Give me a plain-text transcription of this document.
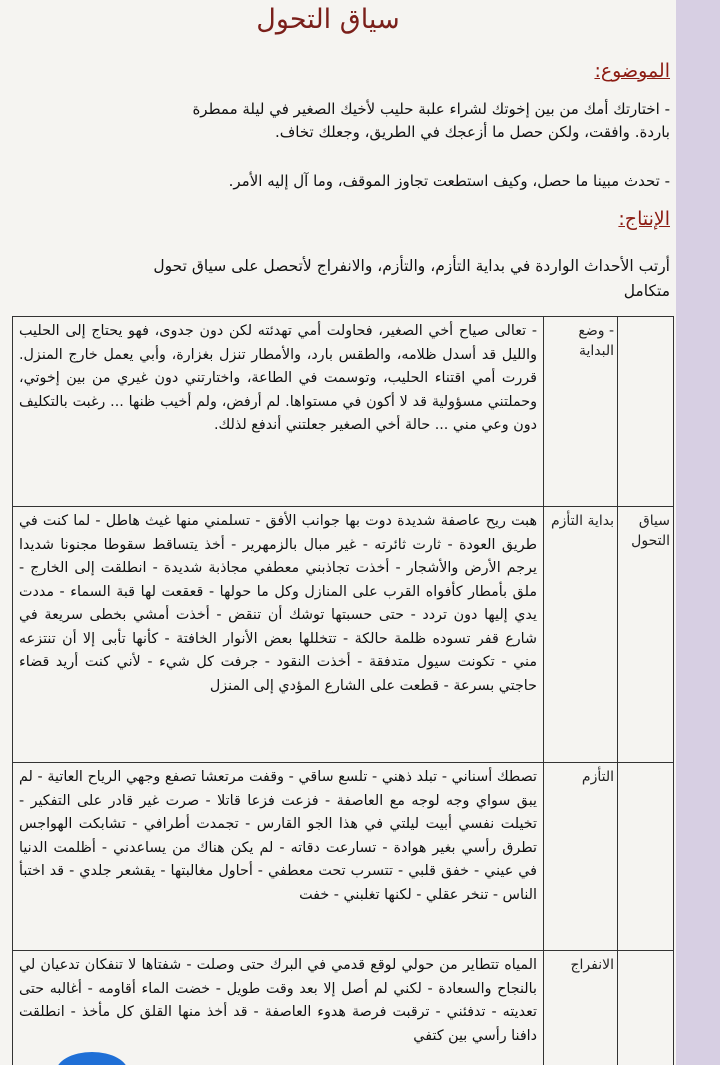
سياق التحول
الموضوع:
- اختارتك أمك من بين إخوتك لشراء علبة حليب لأخيك الصغير في ليلة ممطرة
باردة. وافقت، ولكن حصل ما أزعجك في الطريق، وجعلك تخاف.
- تحدث مبينا ما حصل، وكيف استطعت تجاوز الموقف، وما آل إليه الأمر.
الإنتاج:
أرتب الأحداث الواردة في بداية التأزم، والتأزم، والانفراج لأتحصل على سياق تحول
متكامل

	- وضع البداية	- تعالى صياح أخي الصغير، فحاولت أمي تهدئته لكن دون جدوى، فهو يحتاج إلى الحليب والليل قد أسدل ظلامه، والطقس بارد، والأمطار تنزل بغزارة، وأبي يعمل خارج المنزل. قررت أمي اقتناء الحليب، وتوسمت في الطاعة، واختارتني دون غيري من بين إخوتي، وحملتني مسؤولية قد لا أكون في مستواها. لم أرفض، ولم أخيب ظنها ... رغبت بالتكليف دون وعي مني ... حالة أخي الصغير جعلتني أندفع لذلك.

سياق التحول	بداية التأزم	هبت ريح عاصفة شديدة دوت بها جوانب الأفق - تسلمني منها غيث هاطل - لما كنت في طريق العودة - ثارت ثائرته - غير مبال بالزمهرير - أخذ يتساقط سقوطا مجنونا شديدا يرجم الأرض والأشجار - أخذت تجاذبني معطفي مجاذبة شديدة - انطلقت إلى الخارج - ملق بأمطار كأفواه القرب على المنازل وكل ما حولها - قعقعت لها قبة السماء - مددت يدي إليها دون تردد - حتى حسبتها توشك أن تنقض - أخذت أمشي بخطى سريعة في شارع قفر تسوده ظلمة حالكة - تتخللها بعض الأنوار الخافتة - كأنها تأبى إلا أن تنتزعه مني - تكونت سيول متدفقة - أخذت النقود - جرفت كل شيء - لأني كنت أريد قضاء حاجتي بسرعة - قطعت على الشارع المؤدي إلى المنزل

	التأزم	تصطك أسناني - تبلد ذهني - تلسع ساقي - وقفت مرتعشا تصفع وجهي الرياح العاتية - لم يبق سواي وجه لوجه مع العاصفة - فزعت فزعا قاتلا - صرت غير قادر على التفكير - تخيلت نفسي أبيت ليلتي في هذا الجو القارس - تجمدت أطرافي - تشابكت الهواجس تطرق رأسي بغير هوادة - تسارعت دقاته - لم يكن هناك من يساعدني - أظلمت الدنيا في عيني - خفق قلبي - تتسرب تحت معطفي - أحاول مغالبتها - يقشعر جلدي - قد اختبأ الناس - تنخر عقلي - لكنها تغلبني - خفت

	الانفراج	المياه تتطاير من حولي لوقع قدمي في البرك حتى وصلت - شفتاها لا تنفكان تدعيان لي بالنجاح والسعادة - لكني لم أصل إلا بعد وقت طويل - خضت الماء أقاومه - أغالبه حتى تعديته - تدفئني - ترقبت فرصة هدوء العاصفة - قد أخذ منها القلق كل مأخذ - انطلقت دافنا رأسي بين كتفي
